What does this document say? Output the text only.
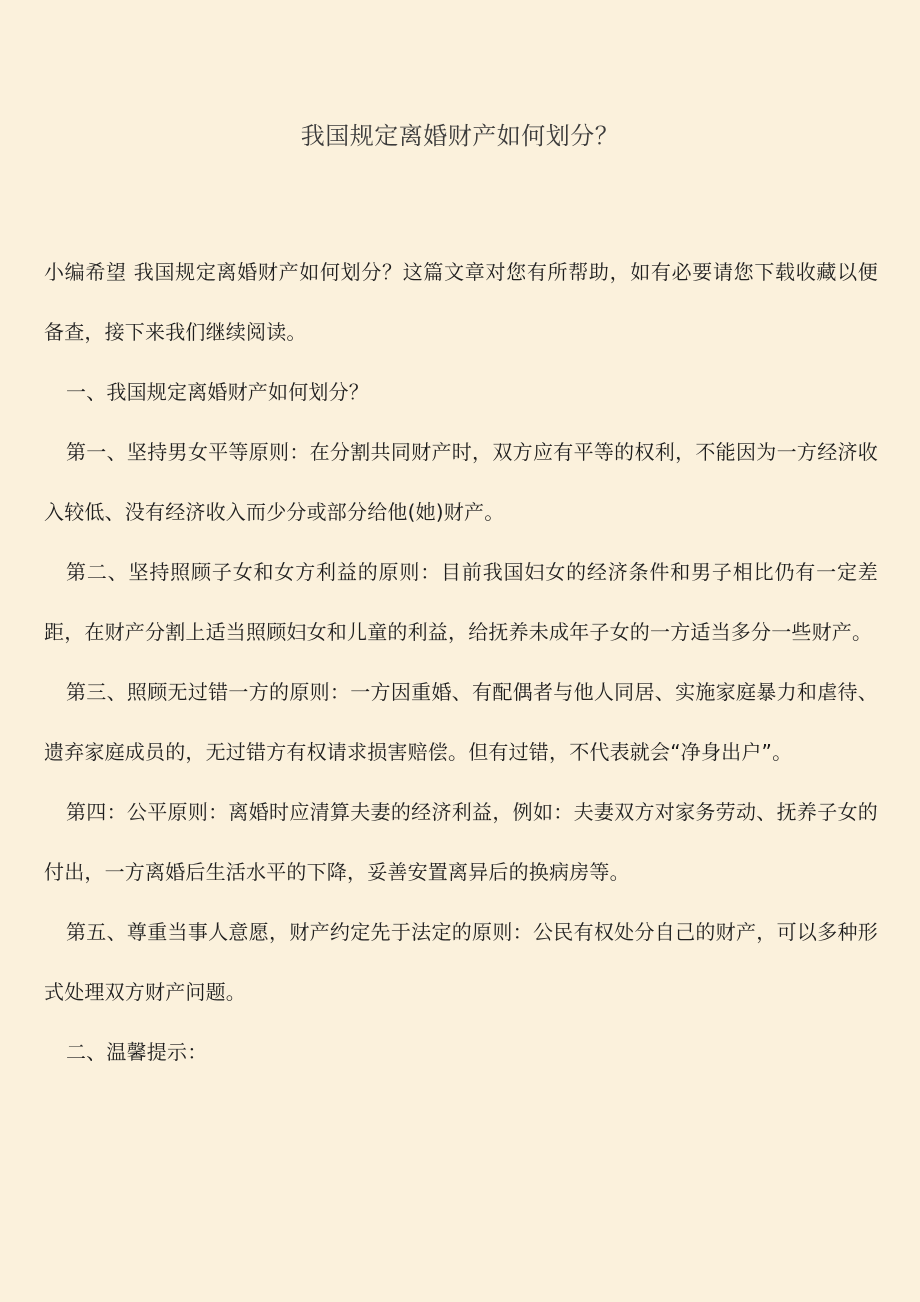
我国规定离婚财产如何划分？

小编希望 我国规定离婚财产如何划分？这篇文章对您有所帮助，如有必要请您下载收藏以便备查，接下来我们继续阅读。

一、我国规定离婚财产如何划分？

第一、坚持男女平等原则：在分割共同财产时，双方应有平等的权利，不能因为一方经济收入较低、没有经济收入而少分或部分给他(她)财产。

第二、坚持照顾子女和女方利益的原则：目前我国妇女的经济条件和男子相比仍有一定差距，在财产分割上适当照顾妇女和儿童的利益，给抚养未成年子女的一方适当多分一些财产。

第三、照顾无过错一方的原则：一方因重婚、有配偶者与他人同居、实施家庭暴力和虐待、遗弃家庭成员的，无过错方有权请求损害赔偿。但有过错，不代表就会“净身出户”。

第四：公平原则：离婚时应清算夫妻的经济利益，例如：夫妻双方对家务劳动、抚养子女的付出，一方离婚后生活水平的下降，妥善安置离异后的换病房等。

第五、尊重当事人意愿，财产约定先于法定的原则：公民有权处分自己的财产，可以多种形式处理双方财产问题。

二、温馨提示：
